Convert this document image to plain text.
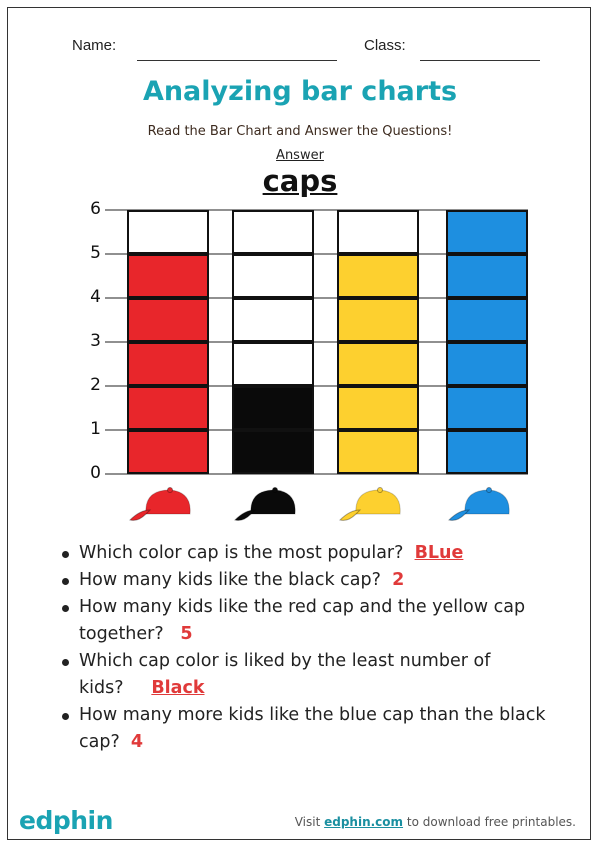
Name:	Class:
Analyzing bar charts
Read the Bar Chart and Answer the Questions!
Answer
caps
0
1
2
3
4
5
6
Which color cap is the most popular? BLue
How many kids like the black cap? 2
How many kids like the red cap and the yellow cap together? 5
Which cap color is liked by the least number of kids? Black
How many more kids like the blue cap than the black cap? 4
edphin	Visit edphin.com to download free printables.
